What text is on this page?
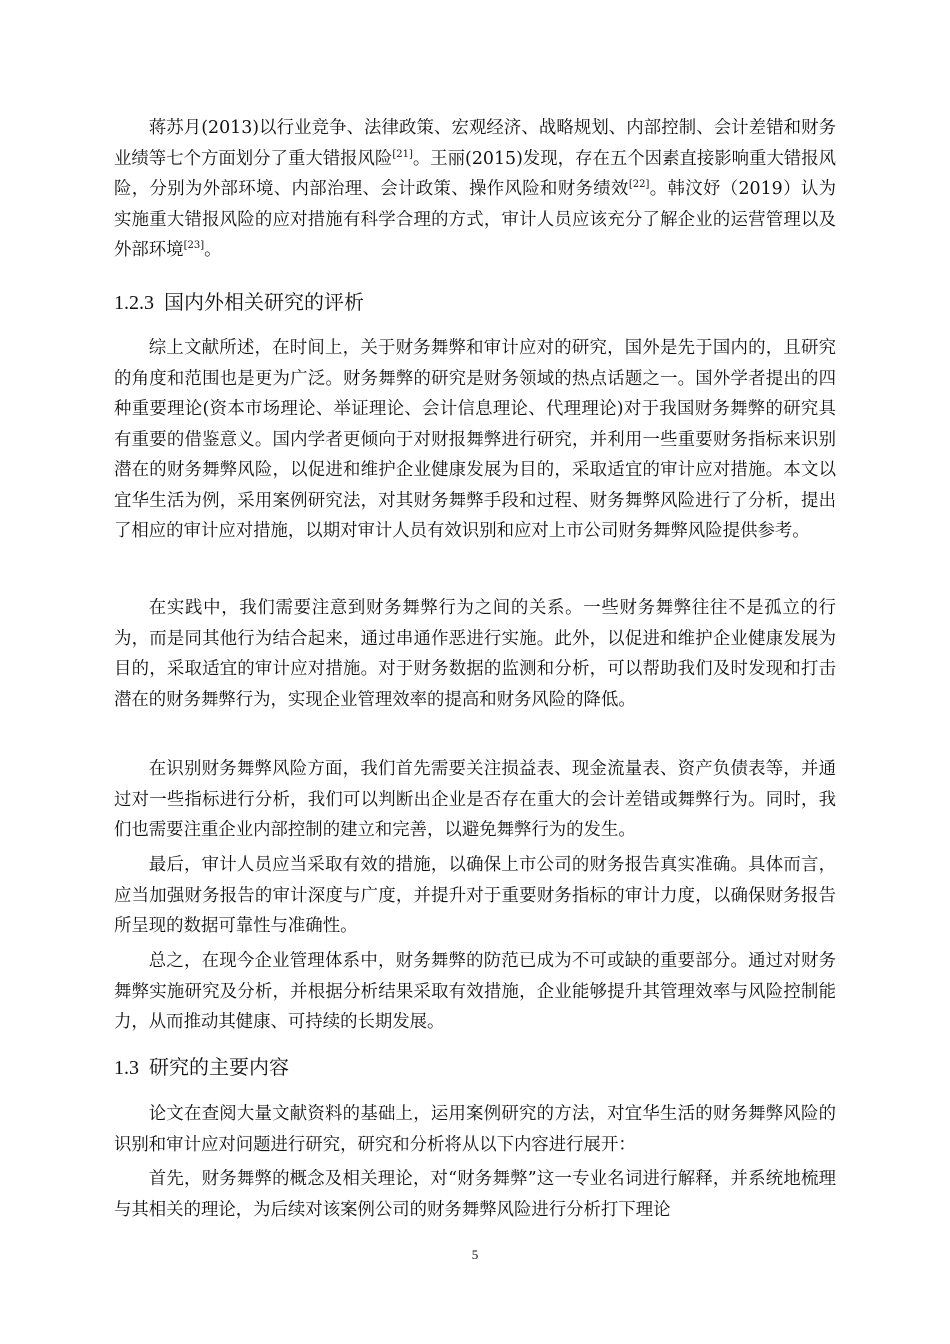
蒋苏月(2013)以行业竞争、法律政策、宏观经济、战略规划、内部控制、会计差错和财务业绩等七个方面划分了重大错报风险[21]。王丽(2015)发现，存在五个因素直接影响重大错报风险，分别为外部环境、内部治理、会计政策、操作风险和财务绩效[22]。韩汶妤（2019）认为实施重大错报风险的应对措施有科学合理的方式，审计人员应该充分了解企业的运营管理以及外部环境[23]。

1.2.3 国内外相关研究的评析

综上文献所述，在时间上，关于财务舞弊和审计应对的研究，国外是先于国内的，且研究的角度和范围也是更为广泛。财务舞弊的研究是财务领域的热点话题之一。国外学者提出的四种重要理论(资本市场理论、举证理论、会计信息理论、代理理论)对于我国财务舞弊的研究具有重要的借鉴意义。国内学者更倾向于对财报舞弊进行研究，并利用一些重要财务指标来识别潜在的财务舞弊风险，以促进和维护企业健康发展为目的，采取适宜的审计应对措施。本文以宜华生活为例，采用案例研究法，对其财务舞弊手段和过程、财务舞弊风险进行了分析，提出了相应的审计应对措施，以期对审计人员有效识别和应对上市公司财务舞弊风险提供参考。

在实践中，我们需要注意到财务舞弊行为之间的关系。一些财务舞弊往往不是孤立的行为，而是同其他行为结合起来，通过串通作恶进行实施。此外，以促进和维护企业健康发展为目的，采取适宜的审计应对措施。对于财务数据的监测和分析，可以帮助我们及时发现和打击潜在的财务舞弊行为，实现企业管理效率的提高和财务风险的降低。

在识别财务舞弊风险方面，我们首先需要关注损益表、现金流量表、资产负债表等，并通过对一些指标进行分析，我们可以判断出企业是否存在重大的会计差错或舞弊行为。同时，我们也需要注重企业内部控制的建立和完善，以避免舞弊行为的发生。

最后，审计人员应当采取有效的措施，以确保上市公司的财务报告真实准确。具体而言，应当加强财务报告的审计深度与广度，并提升对于重要财务指标的审计力度，以确保财务报告所呈现的数据可靠性与准确性。

总之，在现今企业管理体系中，财务舞弊的防范已成为不可或缺的重要部分。通过对财务舞弊实施研究及分析，并根据分析结果采取有效措施，企业能够提升其管理效率与风险控制能力，从而推动其健康、可持续的长期发展。

1.3 研究的主要内容

论文在查阅大量文献资料的基础上，运用案例研究的方法，对宜华生活的财务舞弊风险的识别和审计应对问题进行研究，研究和分析将从以下内容进行展开：

首先，财务舞弊的概念及相关理论，对“财务舞弊”这一专业名词进行解释，并系统地梳理与其相关的理论，为后续对该案例公司的财务舞弊风险进行分析打下理论

5
